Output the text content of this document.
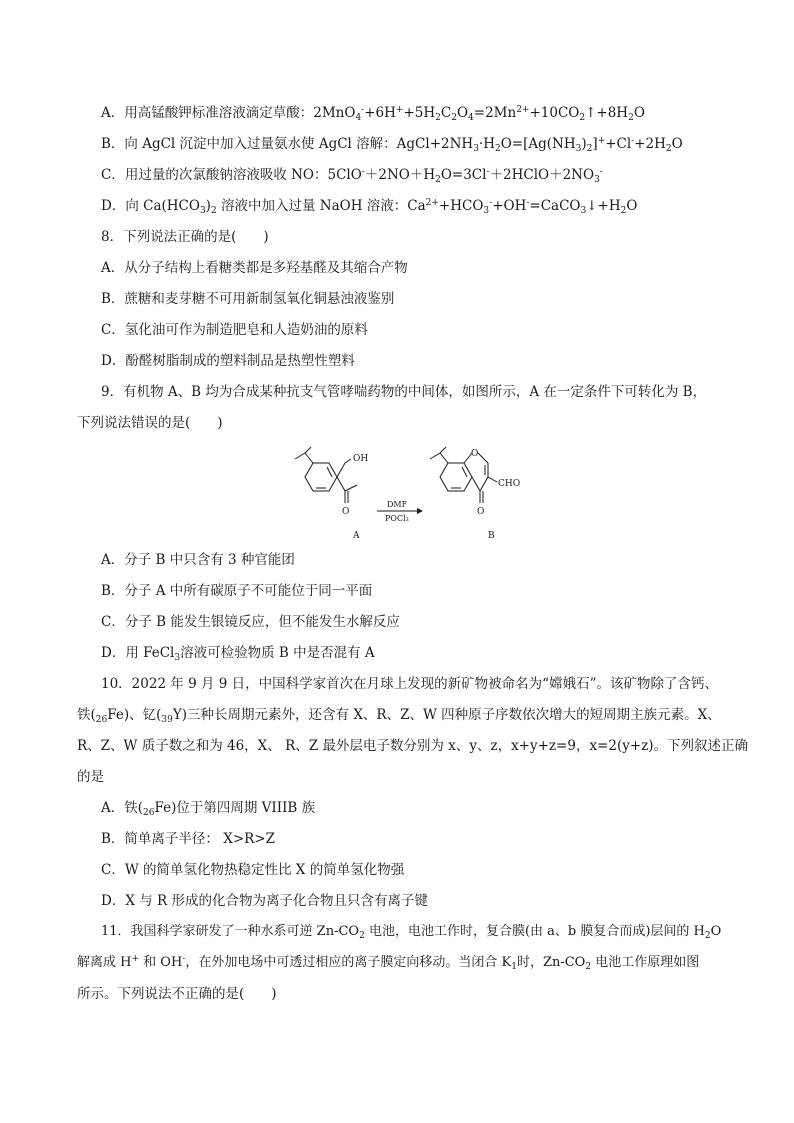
A．用高锰酸钾标准溶液滴定草酸：$2MnO_4^-+6H^++5H_2C_2O_4=2Mn^{2+}+10CO_2↑+8H_2O$
B．向 AgCl 沉淀中加入过量氨水使 AgCl 溶解：$AgCl+2NH_3\cdot H_2O=[Ag(NH_3)_2]^++Cl^-+2H_2O$
C．用过量的次氯酸钠溶液吸收 NO：$5ClO^-+2NO+H_2O=3Cl^-+2HClO+2NO_3^-$
D．向 $Ca(HCO_3)_2$ 溶液中加入过量 NaOH 溶液：$Ca^{2+}+HCO_3^-+OH^-=CaCO_3↓+H_2O$
8．下列说法正确的是(　　)
A．从分子结构上看糖类都是多羟基醛及其缩合产物
B．蔗糖和麦芽糖不可用新制氢氧化铜悬浊液鉴别
C．氢化油可作为制造肥皂和人造奶油的原料
D．酚醛树脂制成的塑料制品是热塑性塑料
9．有机物 A、B 均为合成某种抗支气管哮喘药物的中间体，如图所示，A 在一定条件下可转化为 B，
下列说法错误的是(　　)
OH
O
A
DMF
POCl₃
O
O
CHO
B
A．分子 B 中只含有 3 种官能团
B．分子 A 中所有碳原子不可能位于同一平面
C．分子 B 能发生银镜反应，但不能发生水解反应
D．用 FeCl$_3$溶液可检验物质 B 中是否混有 A
10．2022 年 9 月 9 日，中国科学家首次在月球上发现的新矿物被命名为“嫦娥石”。该矿物除了含钙、
铁$(_{26}Fe)$、钇$(_{39}Y)$三种长周期元素外，还含有 X、R、Z、W 四种原子序数依次增大的短周期主族元素。X、
R、Z、W 质子数之和为 46，X、 R、Z 最外层电子数分别为 x、y、z，x+y+z=9，x=2(y+z)。下列叙述正确
的是
A．铁$(_{26}Fe)$位于第四周期 VIIIB 族
B．简单离子半径： X>R>Z
C．W 的简单氢化物热稳定性比 X 的简单氢化物强
D．X 与 R 形成的化合物为离子化合物且只含有离子键
11．我国科学家研发了一种水系可逆 $Zn-CO_2$ 电池，电池工作时，复合膜(由 a、b 膜复合而成)层间的 $H_2O$
解离成 H+ 和 OH-，在外加电场中可透过相应的离子膜定向移动。当闭合 $K_1$时，$Zn-CO_2$ 电池工作原理如图
所示。下列说法不正确的是(　　)
